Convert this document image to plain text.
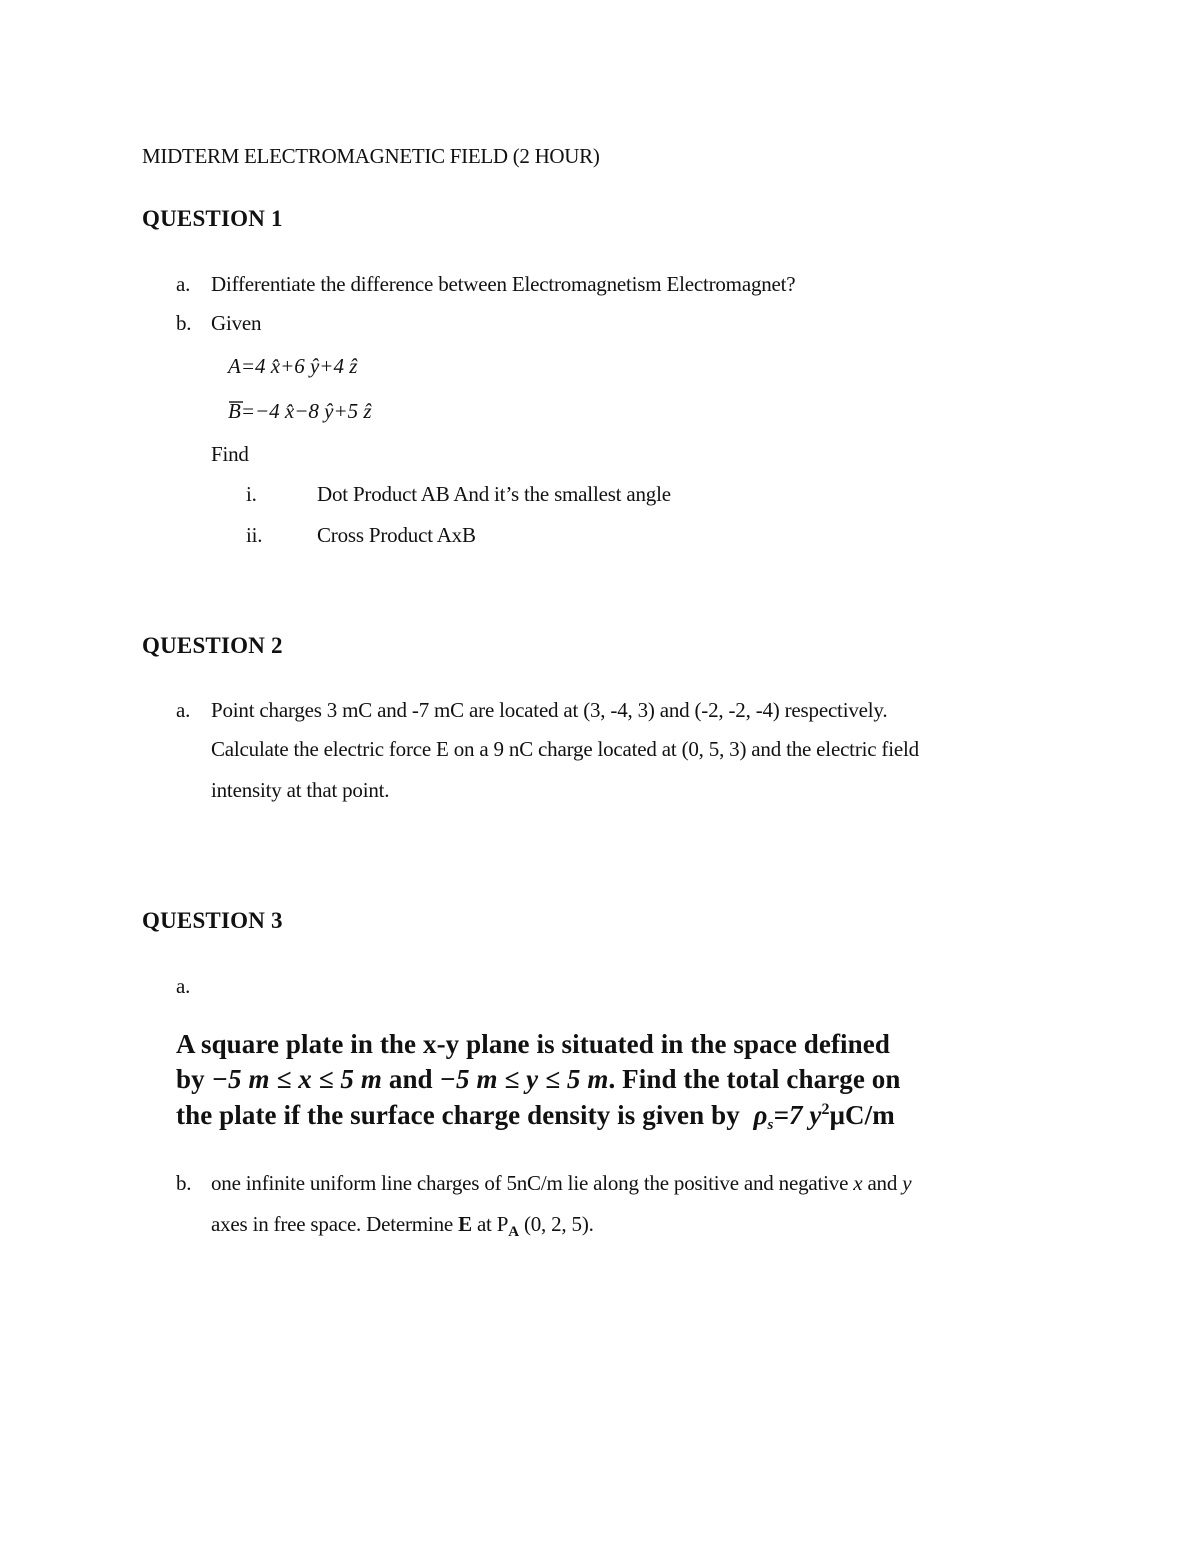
MIDTERM ELECTROMAGNETIC FIELD (2 HOUR)
QUESTION 1
a. Differentiate the difference between Electromagnetism Electromagnet?
b. Given
A=4 x̂+6 ŷ+4 ẑ
B=−4 x̂−8 ŷ+5 ẑ
Find
i.	Dot Product AB And it’s the smallest angle
ii.	Cross Product AxB
QUESTION 2
a. Point charges 3 mC and -7 mC are located at (3, -4, 3) and (-2, -2, -4) respectively.
Calculate the electric force E on a 9 nC charge located at (0, 5, 3) and the electric field
intensity at that point.
QUESTION 3
a.
A square plate in the x-y plane is situated in the space defined
by −5 m ≤ x ≤ 5 m and −5 m ≤ y ≤ 5 m. Find the total charge on
the plate if the surface charge density is given by $\rho_s=7$ $y^2\mu C/m$
b. one infinite uniform line charges of 5nC/m lie along the positive and negative x and y
axes in free space. Determine E at $P_A$ (0, 2, 5).
